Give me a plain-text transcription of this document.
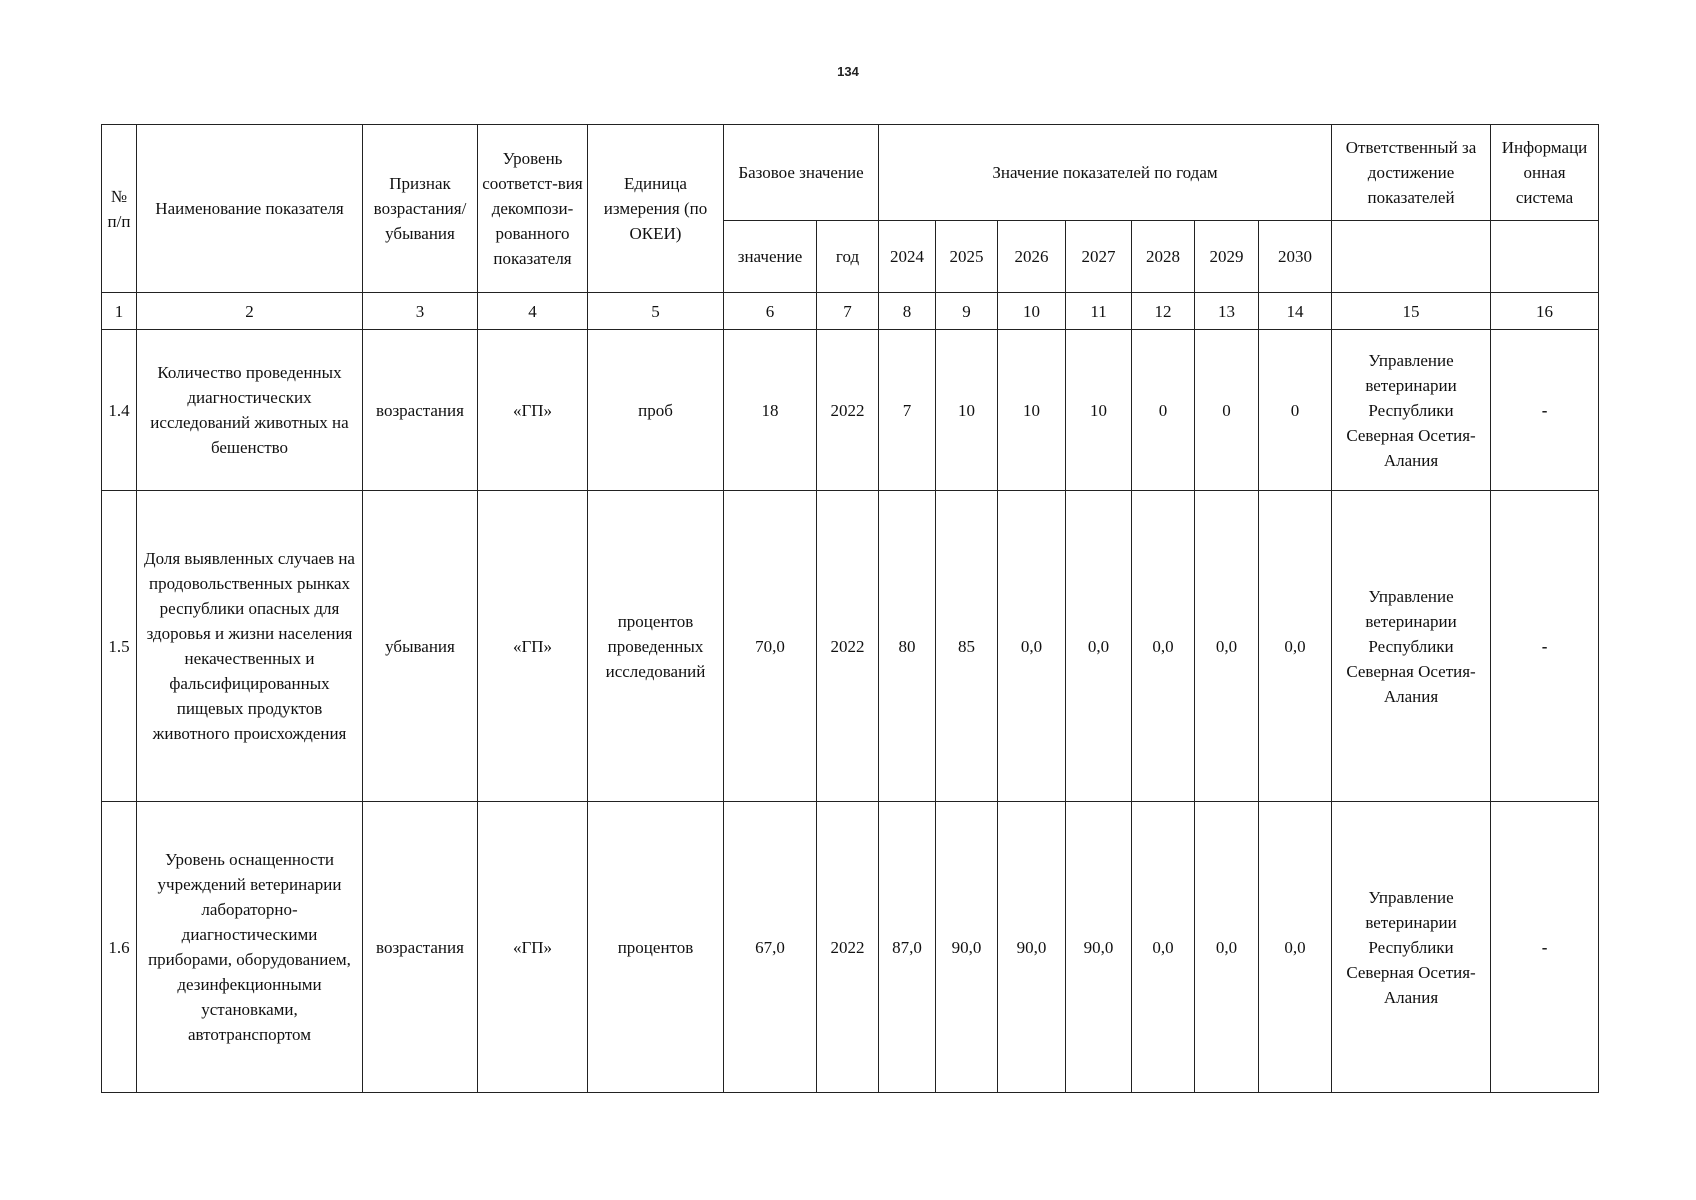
134
№ п/п	Наименование показателя	Признак возрастания/ убывания	Уровень соответст-вия декомпози-рованного показателя	Единица измерения (по ОКЕИ)	Базовое значение		Значение показателей по годам							Ответственный за достижение показателей	Информаци онная система
					значение	год	2024	2025	2026	2027	2028	2029	2030		
1	2	3	4	5	6	7	8	9	10	11	12	13	14	15	16
1.4	Количество проведенных диагностических исследований животных на бешенство	возрастания	«ГП»	проб	18	2022	7	10	10	10	0	0	0	Управление ветеринарии Республики Северная Осетия-Алания	-
1.5	Доля выявленных случаев на продовольственных рынках республики опасных для здоровья и жизни населения некачественных и фальсифицированных пищевых продуктов животного происхождения	убывания	«ГП»	процентов проведенных исследований	70,0	2022	80	85	0,0	0,0	0,0	0,0	0,0	Управление ветеринарии Республики Северная Осетия-Алания	-
1.6	Уровень оснащенности учреждений ветеринарии лабораторно-диагностическими приборами, оборудованием, дезинфекционными установками, автотранспортом	возрастания	«ГП»	процентов	67,0	2022	87,0	90,0	90,0	90,0	0,0	0,0	0,0	Управление ветеринарии Республики Северная Осетия-Алания	-
